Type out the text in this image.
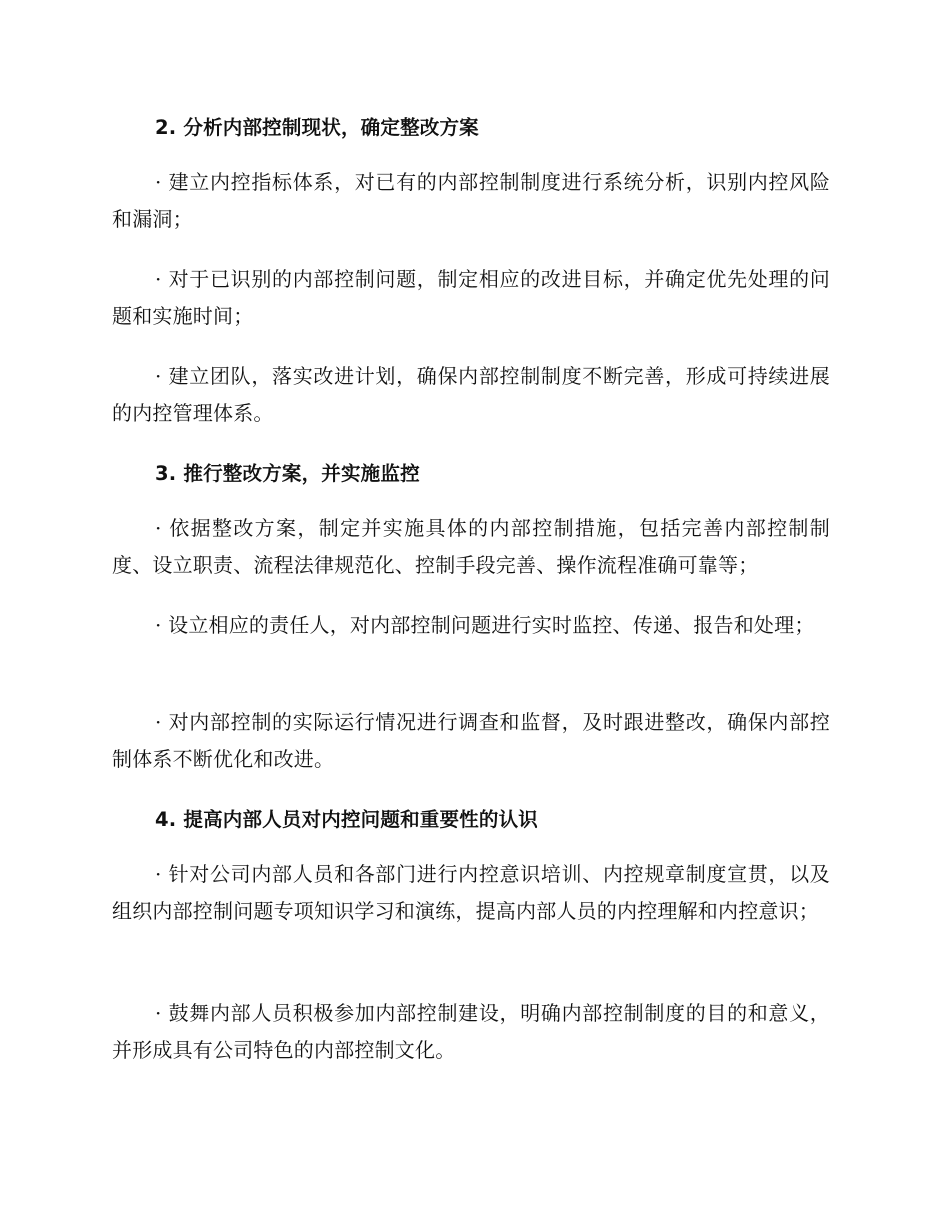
2. 分析内部控制现状，确定整改方案

· 建立内控指标体系，对已有的内部控制制度进行系统分析，识别内控风险和漏洞；

· 对于已识别的内部控制问题，制定相应的改进目标，并确定优先处理的问题和实施时间；

· 建立团队，落实改进计划，确保内部控制制度不断完善，形成可持续进展的内控管理体系。

3. 推行整改方案，并实施监控

· 依据整改方案，制定并实施具体的内部控制措施，包括完善内部控制制度、设立职责、流程法律规范化、控制手段完善、操作流程准确可靠等；

· 设立相应的责任人，对内部控制问题进行实时监控、传递、报告和处理；

· 对内部控制的实际运行情况进行调查和监督，及时跟进整改，确保内部控制体系不断优化和改进。

4. 提高内部人员对内控问题和重要性的认识

· 针对公司内部人员和各部门进行内控意识培训、内控规章制度宣贯，以及组织内部控制问题专项知识学习和演练，提高内部人员的内控理解和内控意识；

· 鼓舞内部人员积极参加内部控制建设，明确内部控制制度的目的和意义，并形成具有公司特色的内部控制文化。
